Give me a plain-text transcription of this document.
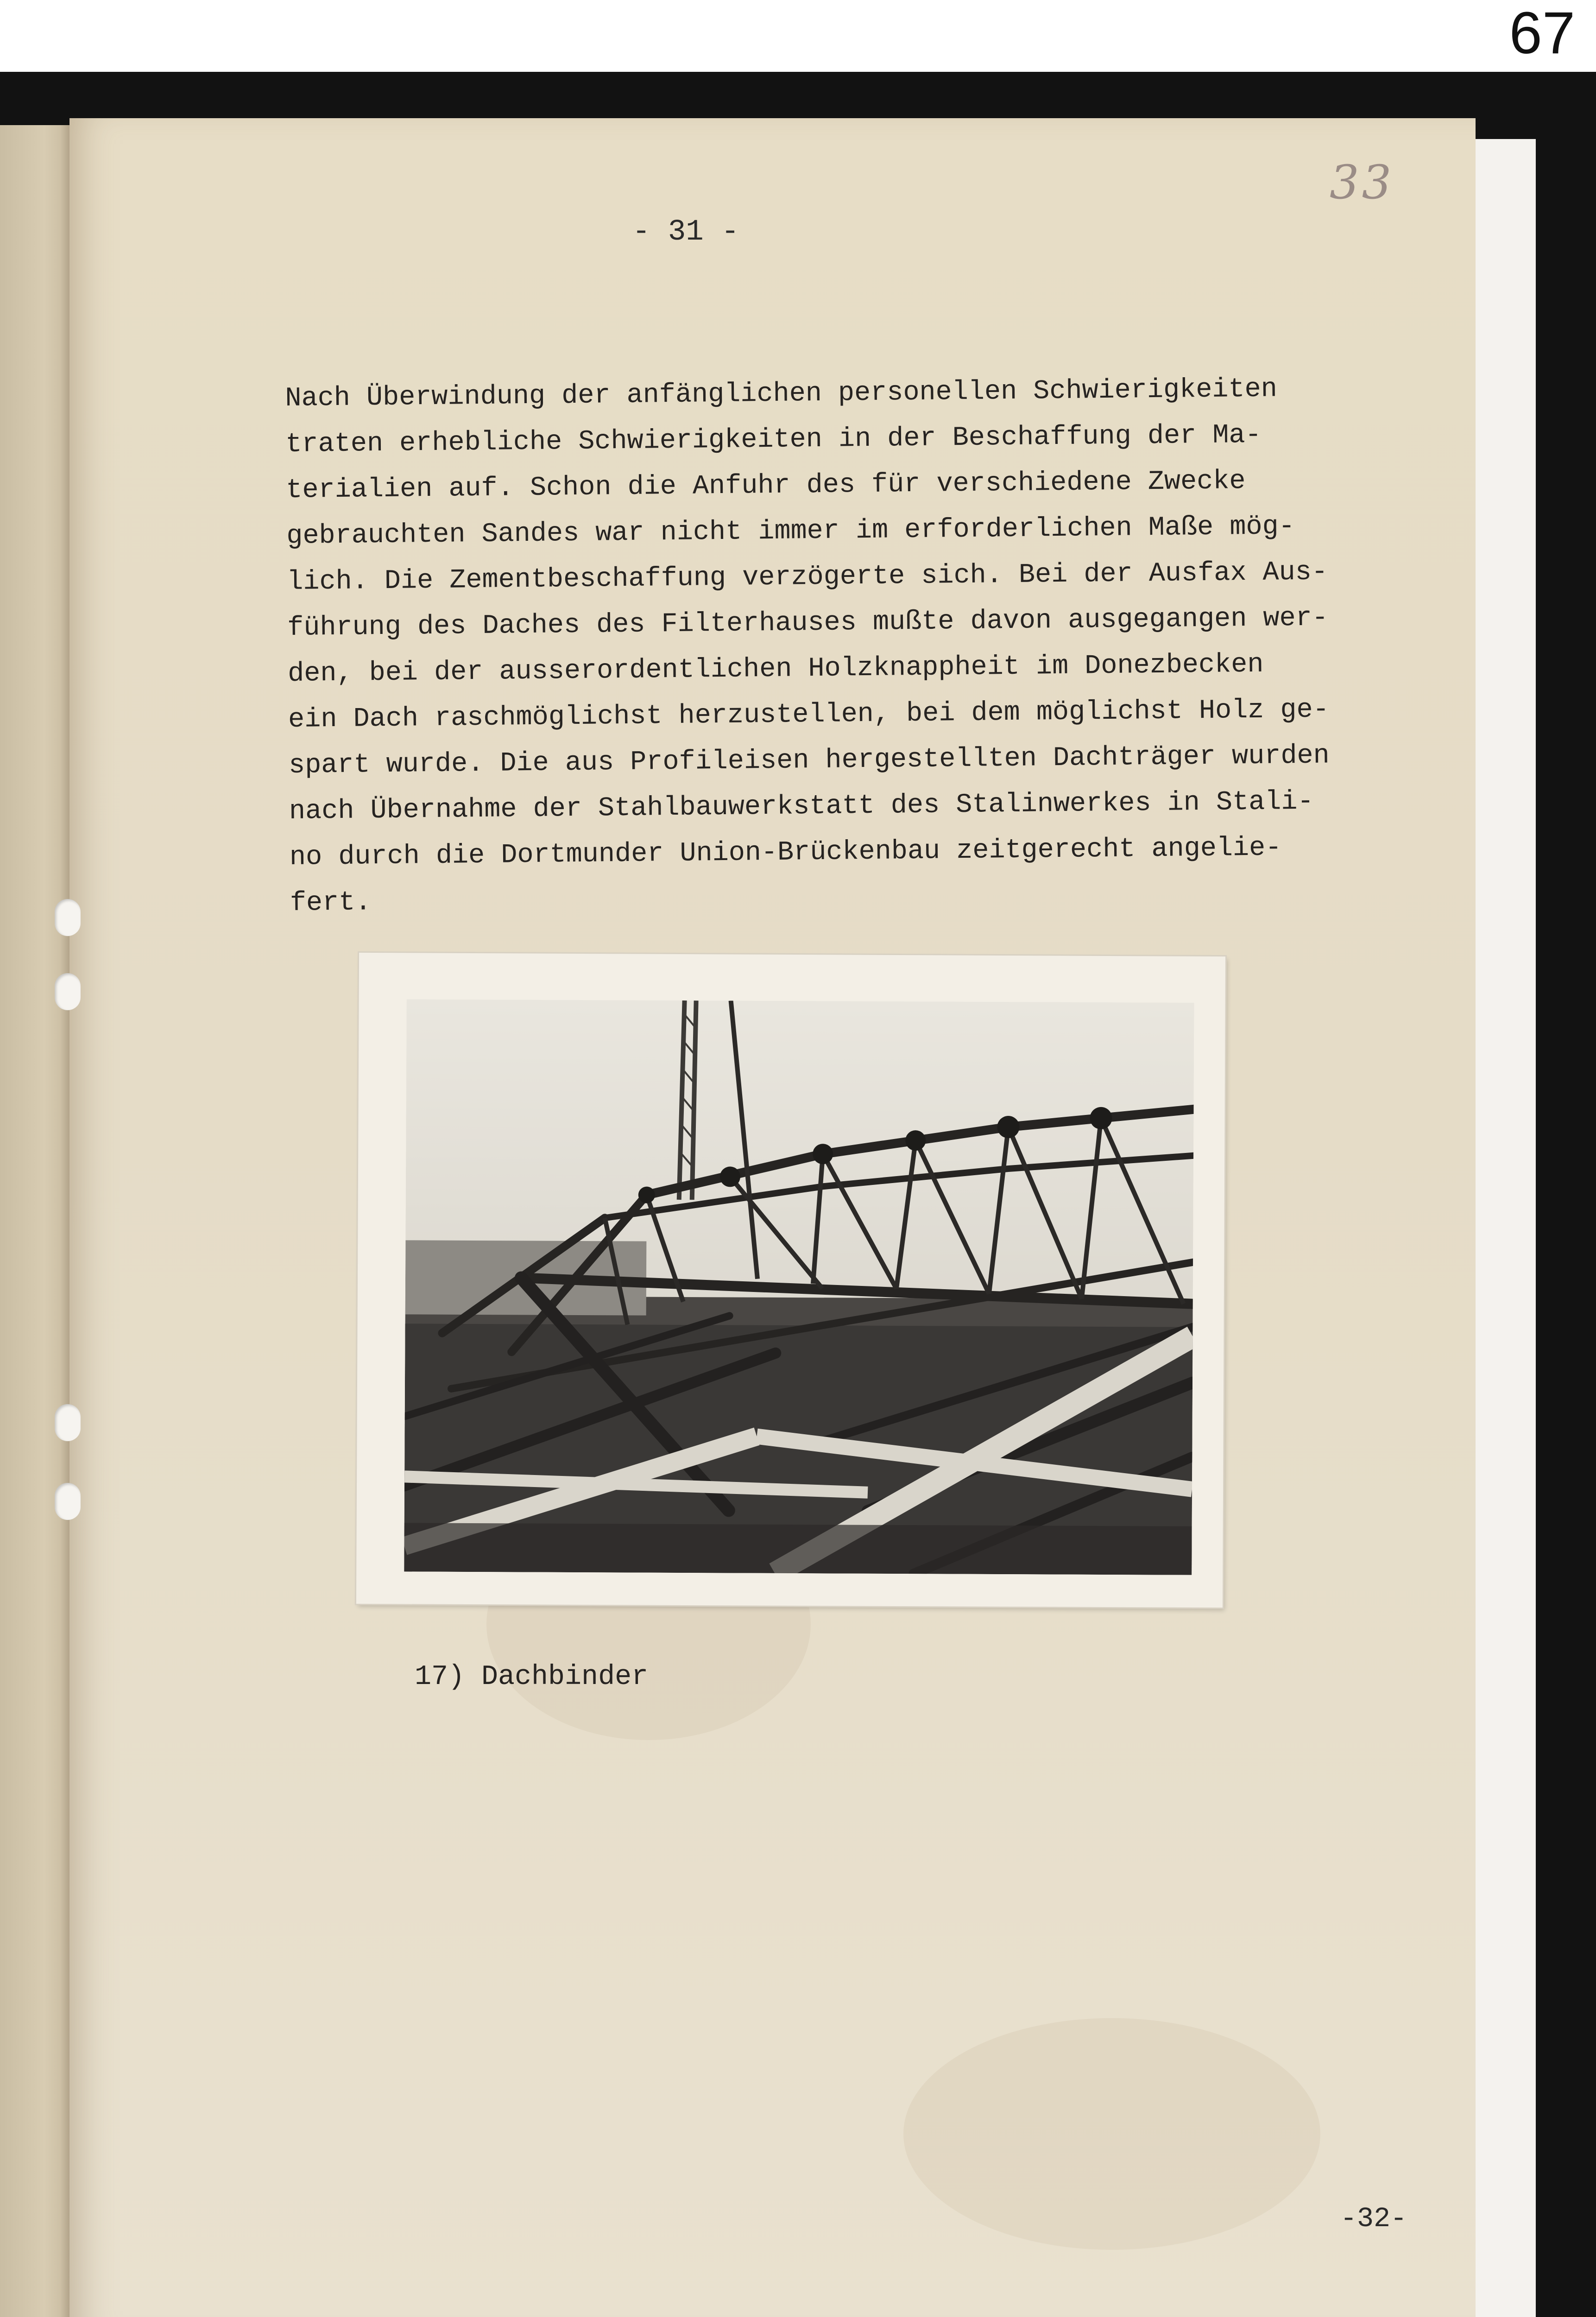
67
33
- 31 -
Nach Überwindung der anfänglichen personellen Schwierigkeiten
traten erhebliche Schwierigkeiten in der Beschaffung der Ma-
terialien auf. Schon die Anfuhr des für verschiedene Zwecke
gebrauchten Sandes war nicht immer im erforderlichen Maße mög-
lich. Die Zementbeschaffung verzögerte sich. Bei der Ausfax Aus-
führung des Daches des Filterhauses mußte davon ausgegangen wer-
den, bei der ausserordentlichen Holzknappheit im Donezbecken
ein Dach raschmöglichst herzustellen, bei dem möglichst Holz ge-
spart wurde. Die aus Profileisen hergestellten Dachträger wurden
nach Übernahme der Stahlbauwerkstatt des Stalinwerkes in Stali-
no durch die Dortmunder Union-Brückenbau zeitgerecht angelie-
fert.
17) Dachbinder
-32-
